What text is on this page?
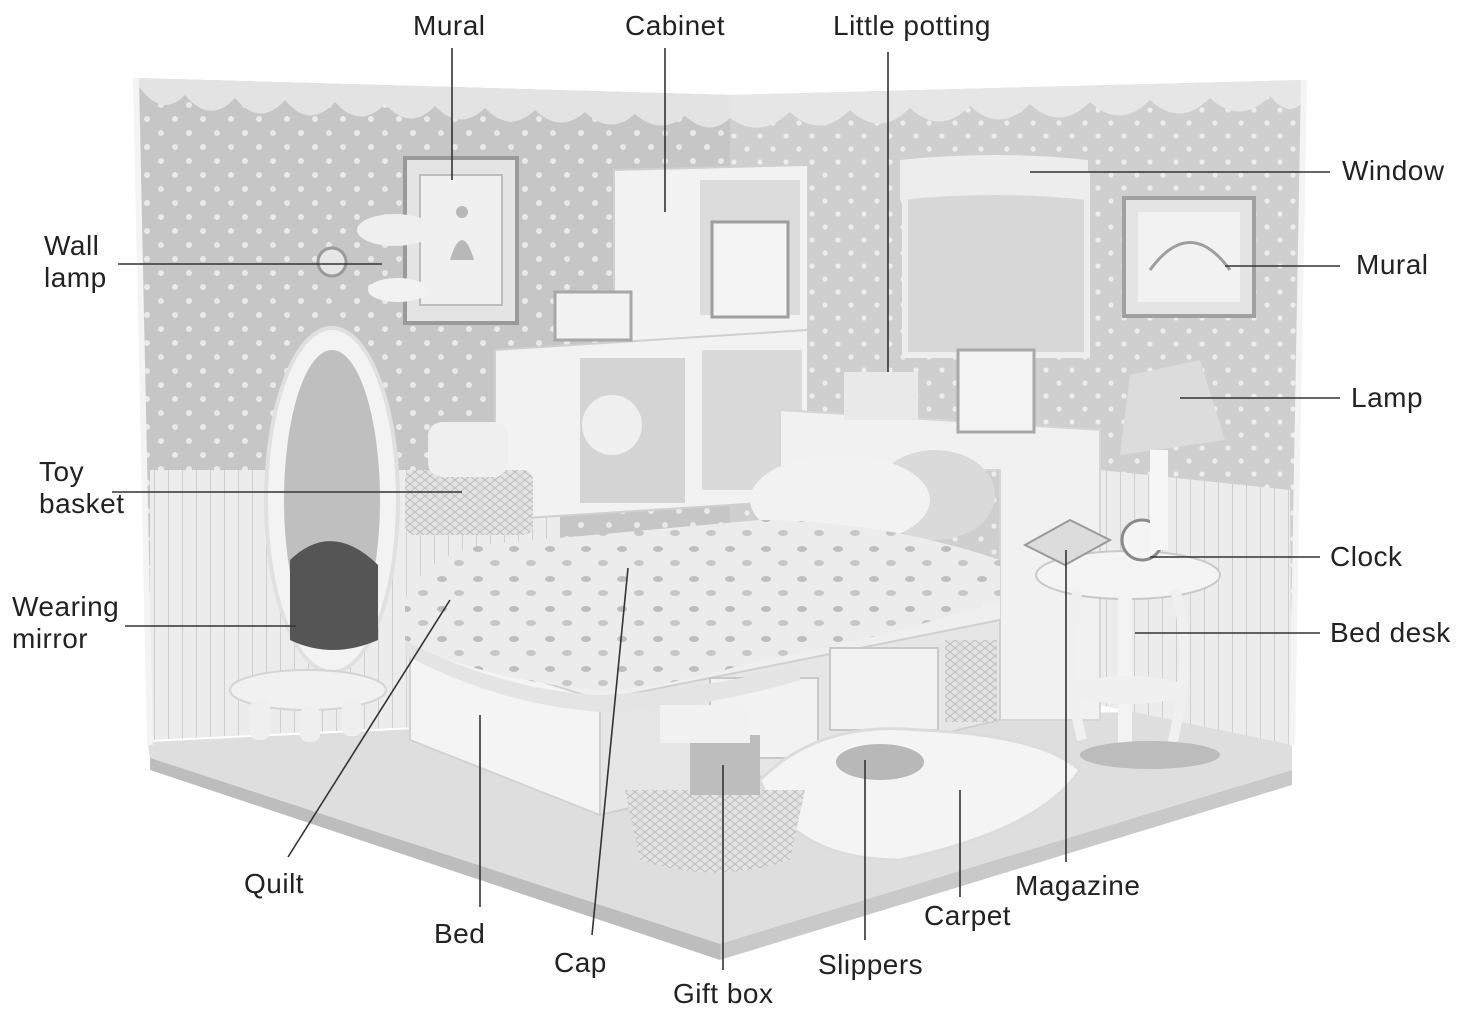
Mural	Cabinet	Little potting
Window
Mural
Wall
lamp
Lamp
Toy
basket
Clock
Wearing
mirror	Bed desk
Quilt	Magazine
Carpet
Bed
Cap	Slippers
Gift box
